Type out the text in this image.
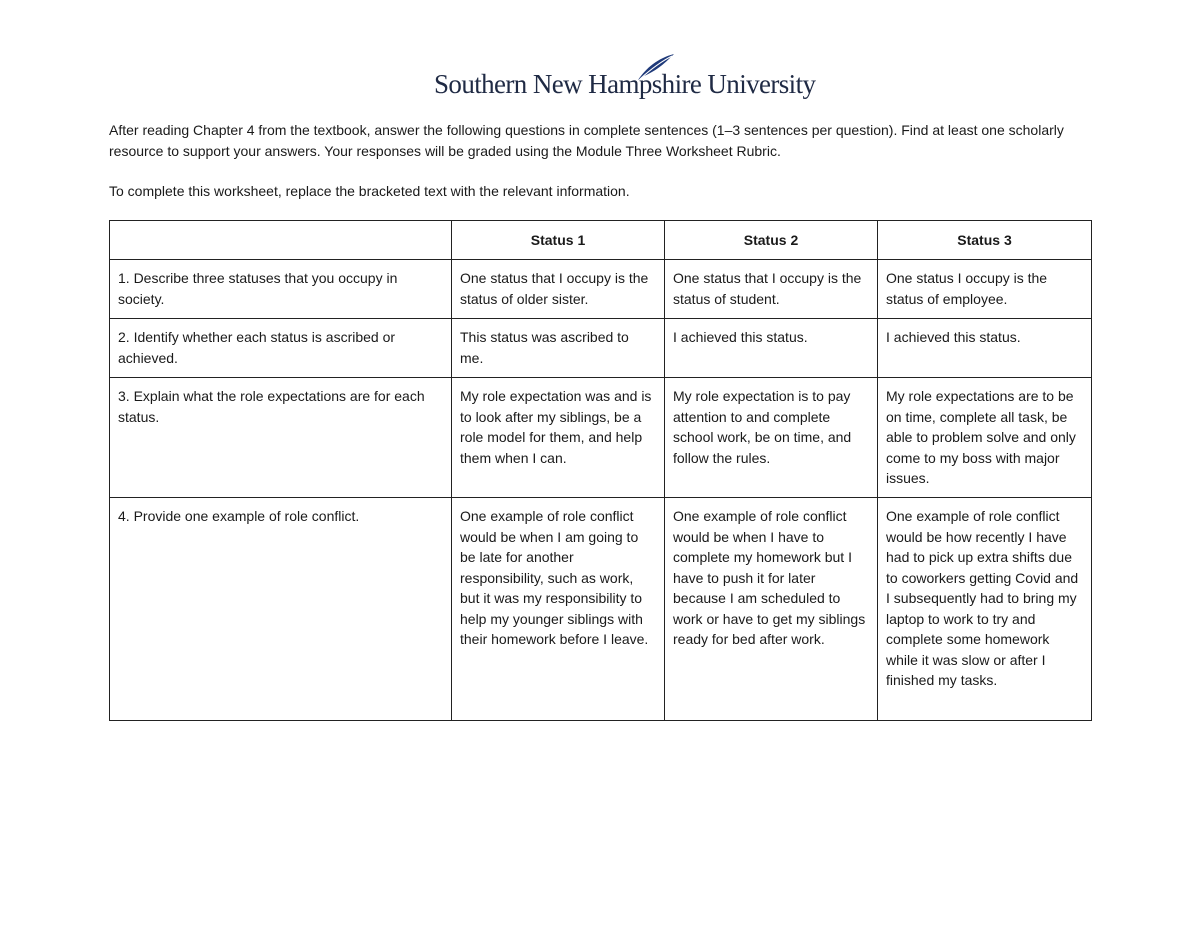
Southern New Hampshire University

After reading Chapter 4 from the textbook, answer the following questions in complete sentences (1–3 sentences per question). Find at least one scholarly resource to support your answers. Your responses will be graded using the Module Three Worksheet Rubric.

To complete this worksheet, replace the bracketed text with the relevant information.

	Status 1	Status 2	Status 3
1. Describe three statuses that you occupy in society.	One status that I occupy is the status of older sister.	One status that I occupy is the status of student.	One status I occupy is the status of employee.
2. Identify whether each status is ascribed or achieved.	This status was ascribed to me.	I achieved this status.	I achieved this status.
3. Explain what the role expectations are for each status.	My role expectation was and is to look after my siblings, be a role model for them, and help them when I can.	My role expectation is to pay attention to and complete school work, be on time, and follow the rules.	My role expectations are to be on time, complete all task, be able to problem solve and only come to my boss with major issues.
4. Provide one example of role conflict.	One example of role conflict would be when I am going to be late for another responsibility, such as work, but it was my responsibility to help my younger siblings with their homework before I leave.	One example of role conflict would be when I have to complete my homework but I have to push it for later because I am scheduled to work or have to get my siblings ready for bed after work.	One example of role conflict would be how recently I have had to pick up extra shifts due to coworkers getting Covid and I subsequently had to bring my laptop to work to try and complete some homework while it was slow or after I finished my tasks.
